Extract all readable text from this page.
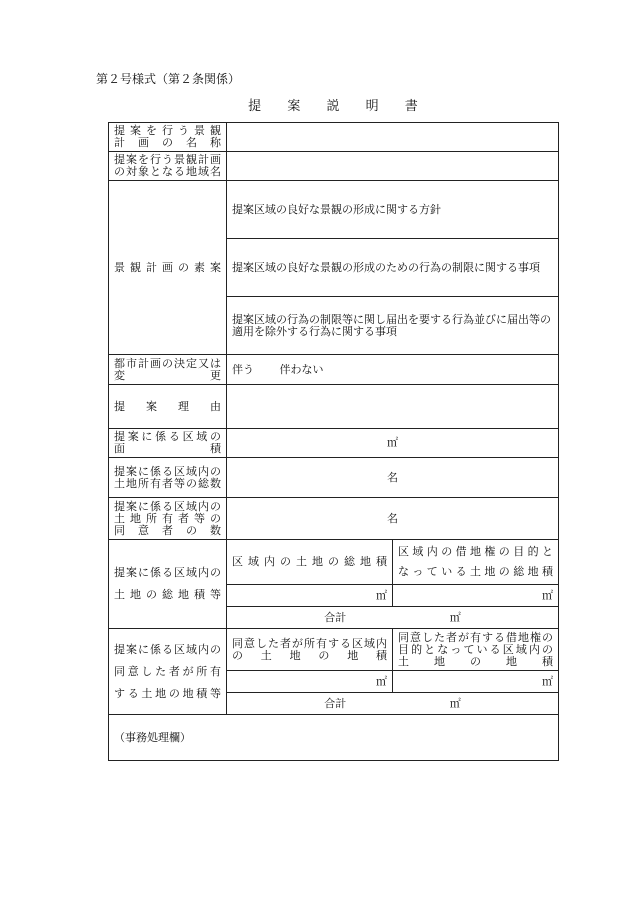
第２号様式（第２条関係）
提 案 説 明 書
提案を行う景観
計画の名称		

提案を行う景観計画
の対象となる地域名		

景観計画の素案	提案区域の良好な景観の形成に関する方針	
	提案区域の良好な景観の形成のための行為の制限に関する事項	
	提案区域の行為の制限等に関し届出を要する行為並びに届出等の適用を除外する行為に関する事項	

都市計画の決定又は
変更	伴う 伴わない	

提案理由		

提案に係る区域の
面積	㎡	

提案に係る区域内の
土地所有者等の総数	名	

提案に係る区域内の
土地所有者等の
同意者の数	名	

提案に係る区域内の
土地の総地積等	区域内の土地の総地積	区域内の借地権の目的と
なっている土地の総地積

	㎡	㎡
	合計 ㎡	

提案に係る区域内の
同意した者が所有
する土地の地積等	同意した者が所有する区域内
の土地の地積	同意した者が有する借地権の
目的となっている区域内の
土地の地積

	㎡	㎡
	合計 ㎡	
（事務処理欄）		
